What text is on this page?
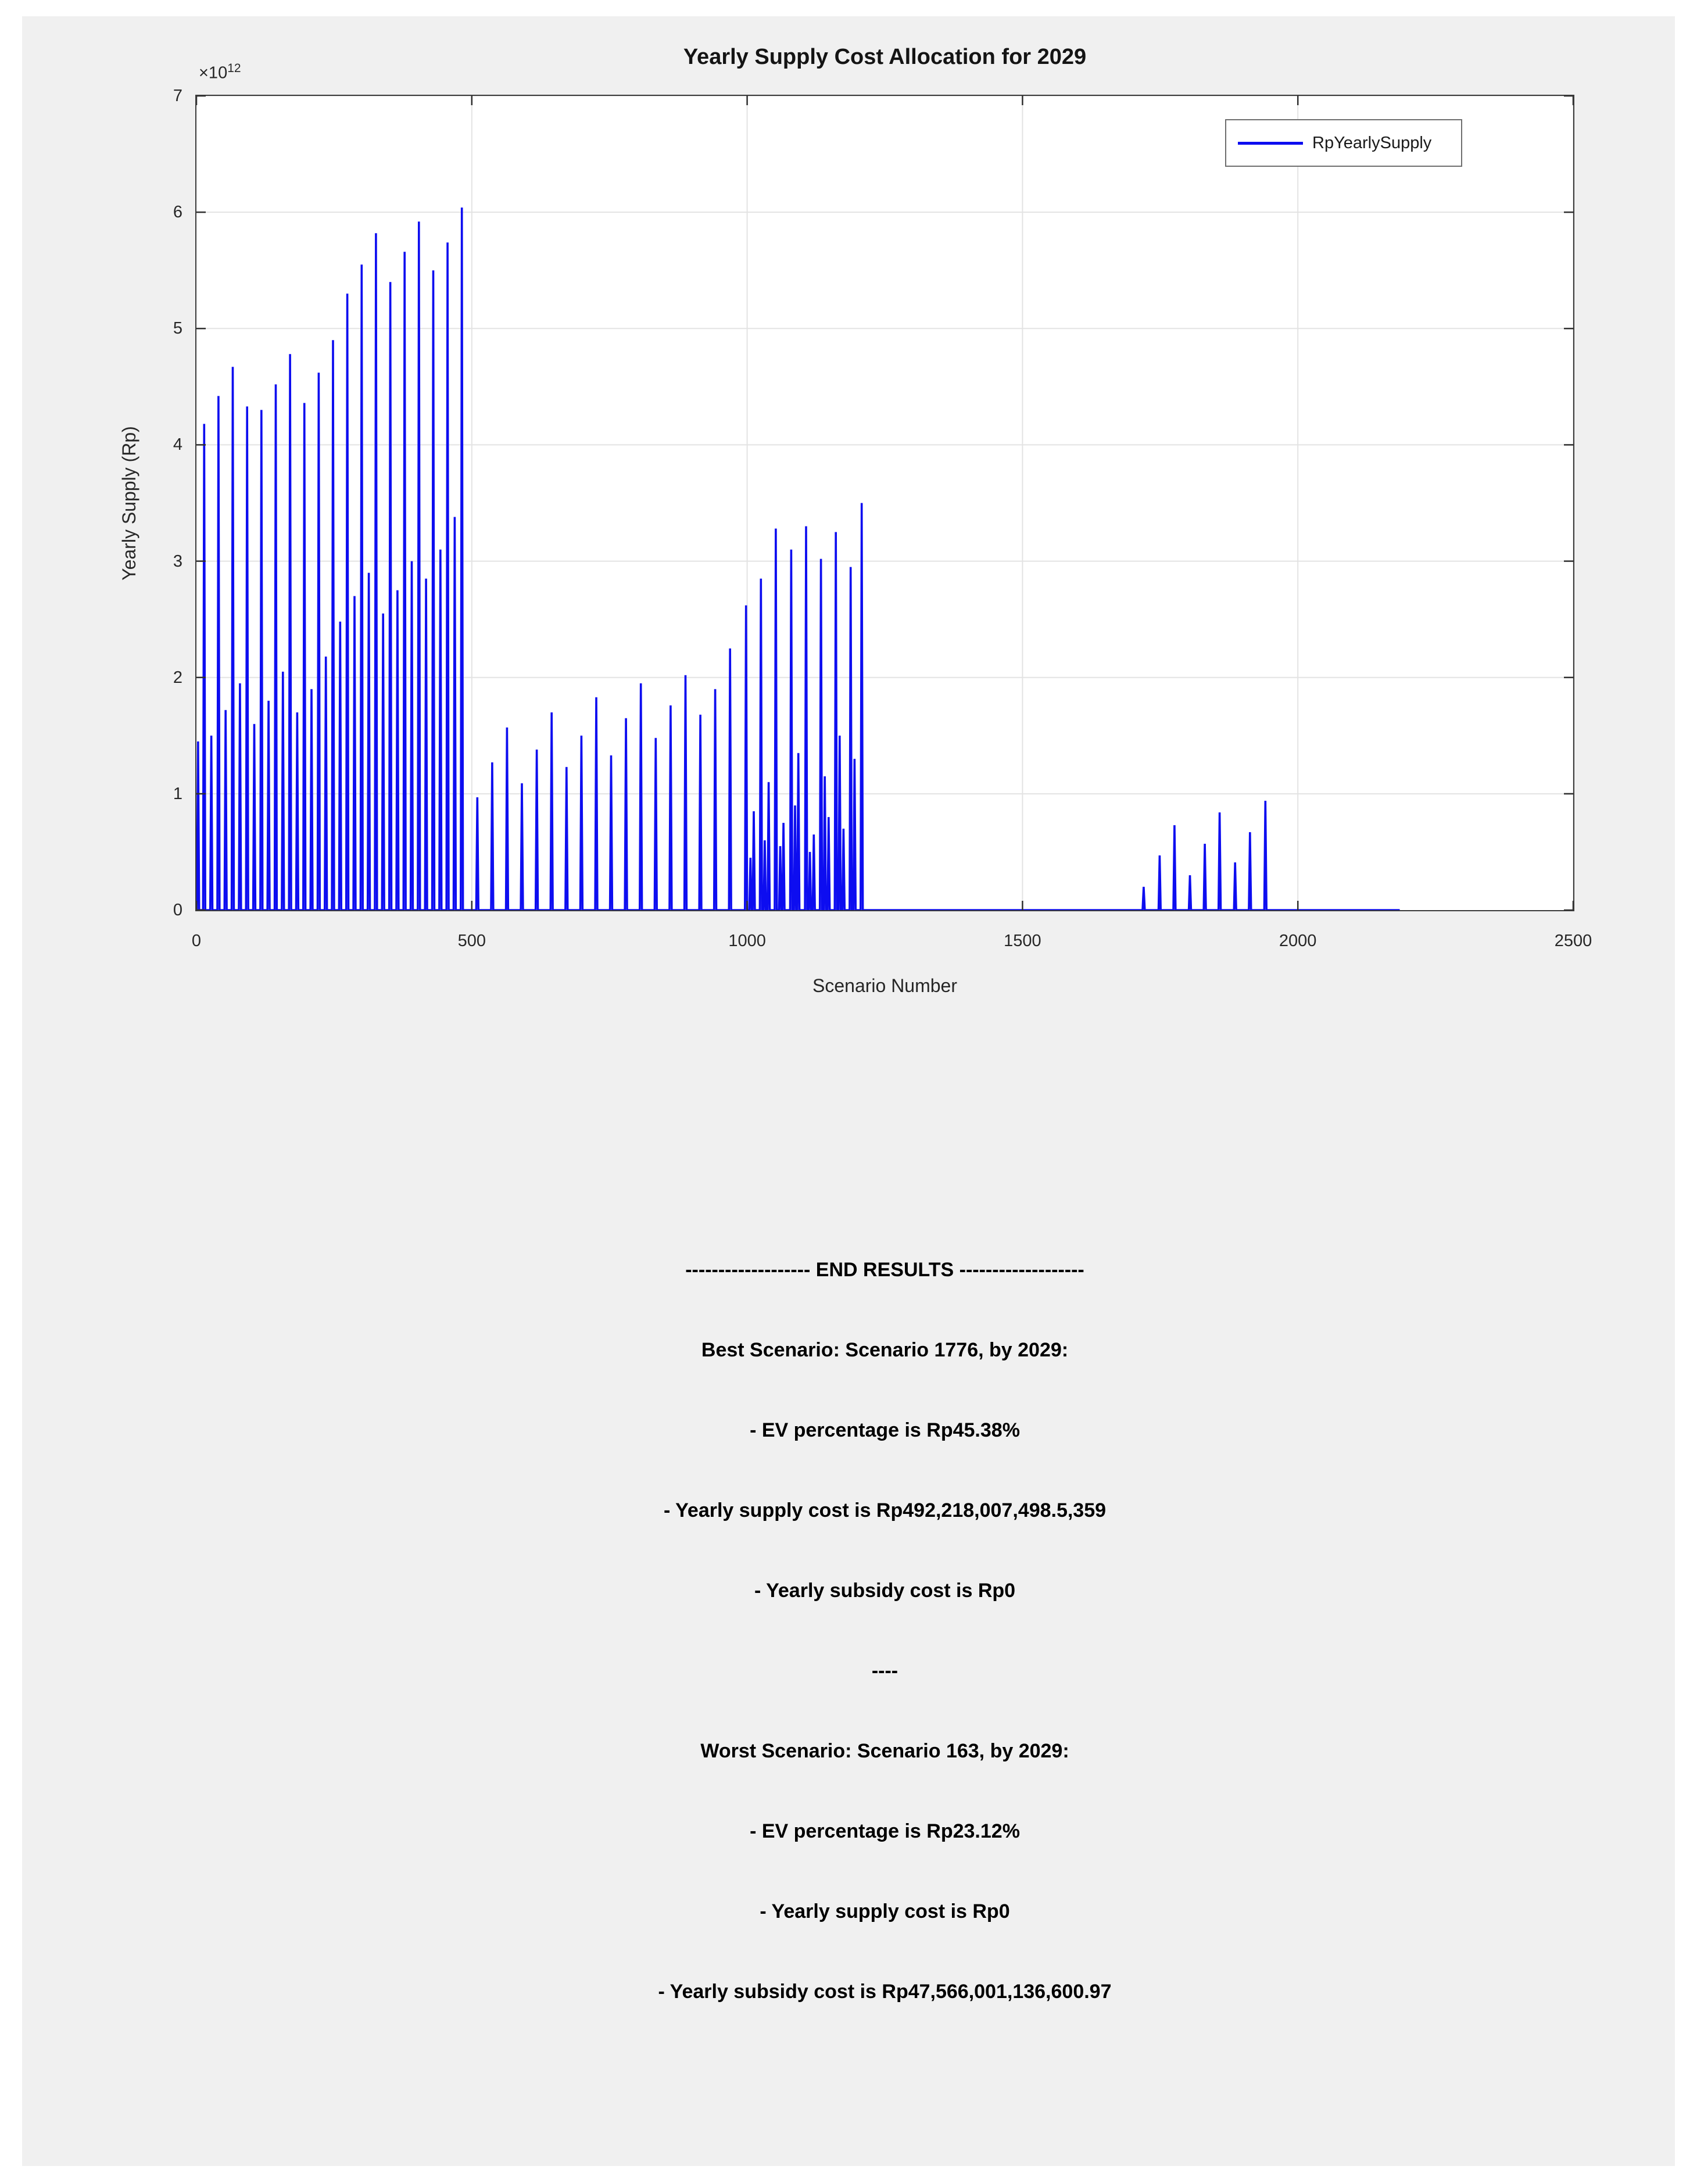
Yearly Supply Cost Allocation for 2029
$\times 10^{12}$
Scenario Number
Yearly Supply (Rp)
RpYearlySupply
0	500	1000	1500	2000	2500
0
1
2
3
4
5
6
7
------------------- END RESULTS -------------------
Best Scenario: Scenario 1776, by 2029:
- EV percentage is Rp45.38%
- Yearly supply cost is Rp492,218,007,498.5,359
- Yearly subsidy cost is Rp0
----
Worst Scenario: Scenario 163, by 2029:
- EV percentage is Rp23.12%
- Yearly supply cost is Rp0
- Yearly subsidy cost is Rp47,566,001,136,600.97
